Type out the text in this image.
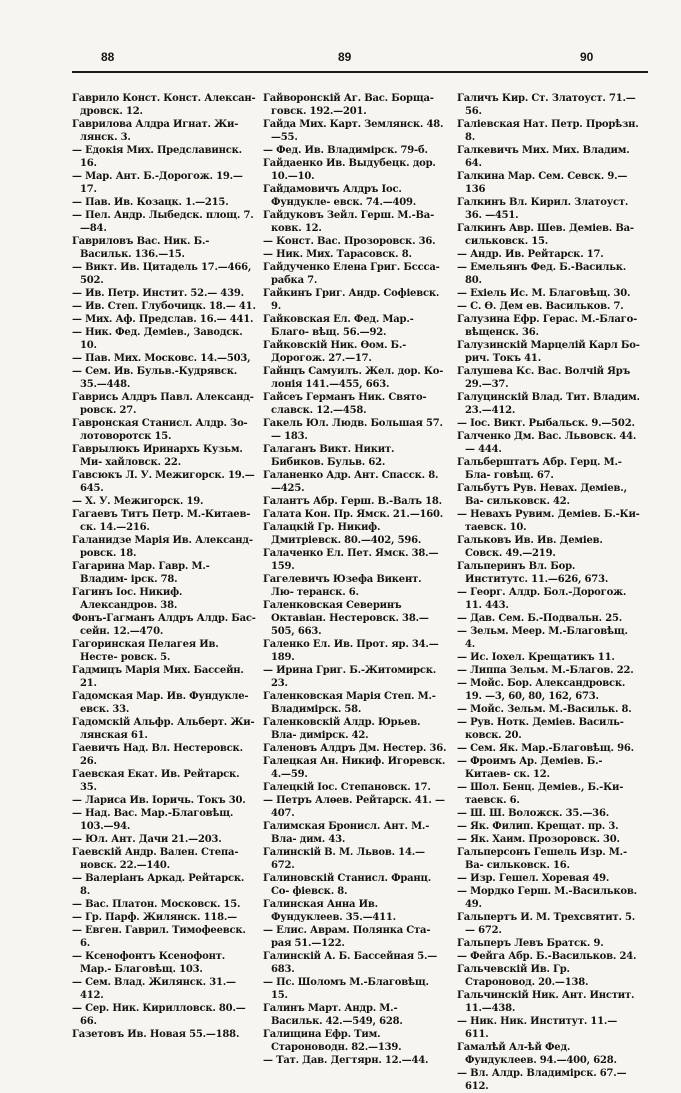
88	89	90
Гаврило Конст. Конст. Алексан- дровск. 12.
Гаврилова Алдра Игнат. Жи- лянск. 3.
— Едокія Мих. Предславинск. 16.
— Мар. Ант. Б.-Дорогож. 19.— 17.
— Пав. Ив. Козацк. 1.—215.
— Пел. Андр. Лыбедск. площ. 7.—84.
Гавриловъ Вас. Ник. Б.-Васильк. 136.—15.
— Викт. Ив. Цитадель 17.—466, 502.
— Ив. Петр. Инстит. 52.— 439.
— Ив. Степ. Глубочицк. 18.— 41.
— Мих. Аф. Предслав. 16.— 441.
— Ник. Фед. Деміев., Заводск. 10.
— Пав. Мих. Московс. 14.—503,
— Сем. Ив. Бульв.-Кудрявск. 35.—448.
Гаврись Алдръ Павл. Александ- ровск. 27.
Гавронская Станисл. Алдр. Зо- лотоворотск 15.
Гаврылюкъ Иринархъ Кузьм. Ми- хайловск. 22.
Гавсюкъ Л. У. Межигорск. 19.— 645.
— Х. У. Межигорск. 19.
Гагаевъ Титъ Петр. М.-Китаев- ск. 14.—216.
Галанидзе Марія Ив. Александ- ровск. 18.
Гагарина Мар. Гавр. М.-Владим- ірск. 78.
Гагинъ Іос. Никиф. Александров. 38.
Фонъ-Гагманъ Алдръ Алдр. Бас- сейн. 12.—470.
Гагоринская Пелагея Ив. Несте- ровск. 5.
Гадмицъ Марія Мих. Бассейн. 21.
Гадомская Мар. Ив. Фундукле- евск. 33.
Гадомскій Альфр. Альберт. Жи- лянская 61.
Гаевичъ Над. Вл. Нестеровск. 26.
Гаевская Екат. Ив. Рейтарск. 35.
— Лариса Ив. Іоричь. Токъ 30.
— Над. Вас. Мар.-Благовѣщ. 103.—94.
— Юл. Ант. Дачи 21.—203.
Гаевскій Андр. Вален. Степа- новск. 22.—140.
— Валеріанъ Аркад. Рейтарск. 8.
— Вас. Платон. Московск. 15.
— Гр. Парф. Жилянск. 118.—
— Евген. Гаврил. Тимофеевск. 6.
— Ксенофонтъ Ксенофонт. Мар.- Благовѣщ. 103.
— Сем. Влад. Жилянск. 31.— 412.
— Сер. Ник. Кирилловск. 80.— 66.
Газетовъ Ив. Новая 55.—188.
Гайворонскій Аг. Вас. Борща- говск. 192.—201.
Гайда Мих. Карт. Землянск. 48.—55.
— Фед. Ив. Владимірск. 79-б.
Гайдаенко Ив. Выдубецк. дор. 10.—10.
Гайдамовичъ Алдръ Іос. Фундукле- евск. 74.—409.
Гайдуковъ Зейл. Герш. М.-Ва- ковк. 12.
— Конст. Вас. Прозоровск. 36.
— Ник. Мих. Тарасовск. 8.
Гайдученко Елена Григ. Бсссa- рабка 7.
Гайкинъ Григ. Андр. Софіевск. 9.
Гайковская Ел. Фед. Мар.-Благо- вѣщ. 56.—92.
Гайковскій Ник. Ѳом. Б.-Дорогож. 27.—17.
Гайнцъ Самуилъ. Жел. дор. Ко- лонія 141.—455, 663.
Гайсеъ Германъ Ник. Свято- славск. 12.—458.
Гакель Юл. Людв. Большая 57.— 183.
Галаганъ Викт. Никит. Бибиков. Бульв. 62.
Галаненко Адр. Ант. Спасск. 8.—425.
Галантъ Абр. Герш. В.-Валъ 18.
Галата Кон. Пр. Ямск. 21.—160.
Галацкій Гр. Никиф. Дмитріевск. 80.—402, 596.
Галаченко Ел. Пет. Ямск. 38.— 159.
Гагелевичъ Юзефа Викент. Лю- теранск. 6.
Галенковская Северинъ Октавіан. Нестеровск. 38.—505, 663.
Галенко Ел. Ив. Прот. яр. 34.— 189.
— Ирина Григ. Б.-Житомирск. 23.
Галенковская Марія Степ. М.- Владимірск. 58.
Галенковскій Алдр. Юрьев. Вла- димірск. 42.
Галеновъ Алдръ Дм. Нестер. 36.
Галецкая Ан. Никиф. Игоревск. 4.—59.
Галецкій Іос. Степановск. 17.
— Петръ Алѳев. Рейтарск. 41. —407.
Галимская Бронисл. Ант. М.-Вла- дим. 43.
Галинскій В. М. Львов. 14.—672.
Галиновскій Станисл. Франц. Со- фіевск. 8.
Галинская Анна Ив. Фундуклеев. 35.—411.
— Елис. Аврам. Полянка Ста- рая 51.—122.
Галинскій А. Б. Бассейная 5.— 683.
— Пс. Шоломъ М.-Благовѣщ. 15.
Галинъ Март. Андр. М.-Васильк. 42.—549, 628.
Галищина Ефр. Тим. Староноводн. 82.—139.
— Тат. Дав. Дегтярн. 12.—44.
Галичъ Кир. Ст. Златоуст. 71.— 56.
Галіевская Нат. Петр. Прорѣзн. 8.
Галкевичъ Мих. Мих. Владим. 64.
Галкина Мар. Сем. Севск. 9.—136
Галкинъ Вл. Кирил. Златоуст. 36. —451.
Галкинъ Авр. Шев. Деміев. Ва- сильковск. 15.
— Андр. Ив. Рейтарск. 17.
— Емельянъ Фед. Б.-Васильк. 80.
— Ехіель Ис. М. Благовѣщ. 30.
— С. Ѳ. Дем ев. Васильков. 7.
Галузина Ефр. Герас. М.-Благо- вѣщенск. 36.
Галузинскій Марцелій Карл Бо- рич. Токъ 41.
Галушева Кс. Вас. Волчій Яръ 29.—37.
Галуцинскій Влад. Тит. Владим. 23.—412.
— Іос. Викт. Рыбальск. 9.—502.
Галченко Дм. Вас. Львовск. 44.— 444.
Гальберштатъ Абр. Герц. М.-Бла- говѣщ. 67.
Гальбутъ Рув. Невах. Деміев., Ва- сильковск. 42.
— Невахъ Рувим. Деміев. Б.-Ки- таевск. 10.
Гальковъ Ив. Ив. Деміев. Совск. 49.—219.
Гальперинъ Вл. Бор. Институтс. 11.—626, 673.
— Георг. Алдр. Бол.-Дорогож. 11. 443.
— Дав. Сем. Б.-Подвальн. 25.
— Зельм. Меер. М.-Благовѣщ. 4.
— Ис. Іохел. Крещатикъ 11.
— Липпа Зельм. М.-Благов. 22.
— Мойс. Бор. Александровск. 19. —3, 60, 80, 162, 673.
— Мойс. Зельм. М.-Васильк. 8.
— Рув. Нотк. Деміев. Василь- ковск. 20.
— Сем. Як. Мар.-Благовѣщ. 96.
— Фроимъ Ар. Деміев. Б.-Китаев- ск. 12.
— Шол. Бенц. Деміев., Б.-Ки- таевск. 6.
— Ш. Ш. Воложск. 35.—36.
— Як. Филип. Крещат. пр. 3.
— Як. Хаим. Прозоровск. 30.
Гальперсонъ Гешель Изр. М.-Ва- сильковск. 16.
— Изр. Гешел. Хоревая 49.
— Мордко Герш. М.-Васильков. 49.
Гальпертъ И. М. Трехсвятит. 5.— 672.
Гальперъ Левъ Братск. 9.
— Фейга Абр. Б.-Васильков. 24.
Гальчевскій Ив. Гр. Староновод. 20.—138.
Гальчинскій Ник. Ант. Инстит. 11.—438.
— Ник. Ник. Институт. 11.— 611.
Гамалѣй Ал-ѣй Фед. Фундуклеев. 94.—400, 628.
— Вл. Алдр. Владимірск. 67.— 612.
